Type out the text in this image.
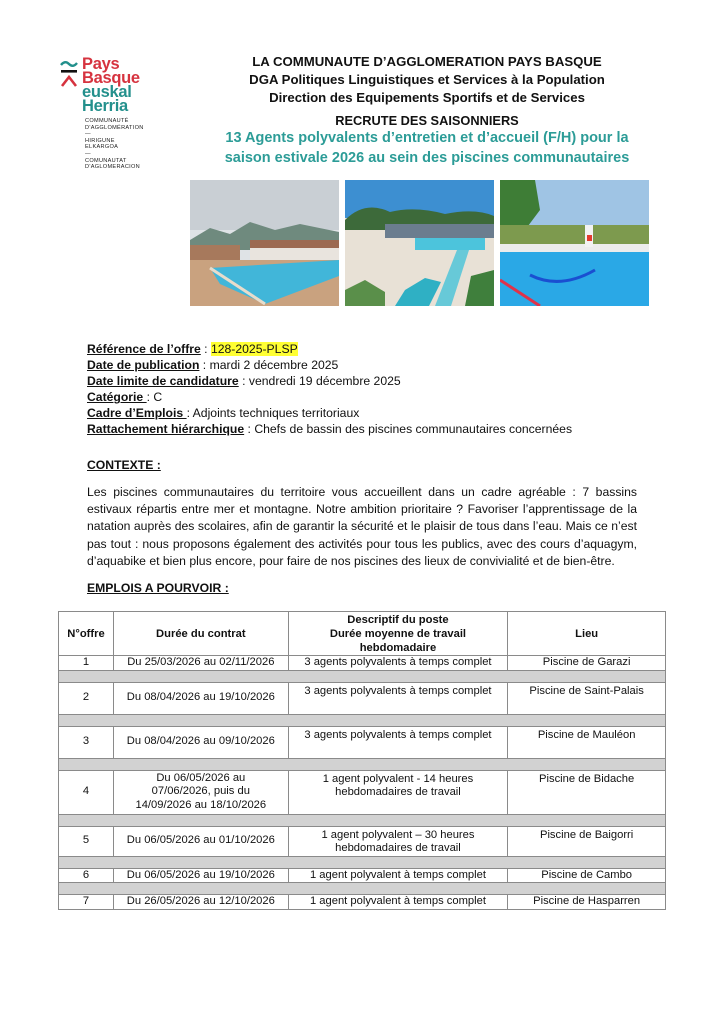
Pays
Basque
euskal
Herria
COMMUNAUTÉ
D'AGGLOMÉRATION
—
HIRIGUNE
ELKARGOA
—
COMUNAUTAT
D'AGLOMERACION
LA COMMUNAUTE D’AGGLOMERATION PAYS BASQUE
DGA Politiques Linguistiques et Services à la Population
Direction des Equipements Sportifs et de Services
RECRUTE DES SAISONNIERS
13 Agents polyvalents d’entretien et d’accueil (F/H) pour la
saison estivale 2026 au sein des piscines communautaires
Référence de l’offre : 128-2025-PLSP
Date de publication : mardi 2 décembre 2025
Date limite de candidature : vendredi 19 décembre 2025
Catégorie : C
Cadre d’Emplois : Adjoints techniques territoriaux
Rattachement hiérarchique : Chefs de bassin des piscines communautaires concernées
CONTEXTE :
Les piscines communautaires du territoire vous accueillent dans un cadre agréable : 7 bassins estivaux répartis entre mer et montagne. Notre ambition prioritaire ? Favoriser l’apprentissage de la natation auprès des scolaires, afin de garantir la sécurité et le plaisir de tous dans l’eau. Mais ce n’est pas tout : nous proposons également des activités pour tous les publics, avec des cours d’aquagym, d’aquabike et bien plus encore, pour faire de nos piscines des lieux de convivialité et de bien-être.
EMPLOIS A POURVOIR :
N°offre	Durée du contrat	Descriptif du poste
Durée moyenne de travail
hebdomadaire	Lieu
1	Du 25/03/2026 au 02/11/2026	3 agents polyvalents à temps complet	Piscine de Garazi

2	Du 08/04/2026 au 19/10/2026	3 agents polyvalents à temps complet	Piscine de Saint-Palais

3	Du 08/04/2026 au 09/10/2026	3 agents polyvalents à temps complet	Piscine de Mauléon

4	Du 06/05/2026 au
07/06/2026, puis du
14/09/2026 au 18/10/2026	1 agent polyvalent - 14 heures
hebdomadaires de travail	Piscine de Bidache

5	Du 06/05/2026 au 01/10/2026	1 agent polyvalent – 30 heures
hebdomadaires de travail	Piscine de Baigorri

6	Du 06/05/2026 au 19/10/2026	1 agent polyvalent à temps complet	Piscine de Cambo

7	Du 26/05/2026 au 12/10/2026	1 agent polyvalent à temps complet	Piscine de Hasparren
